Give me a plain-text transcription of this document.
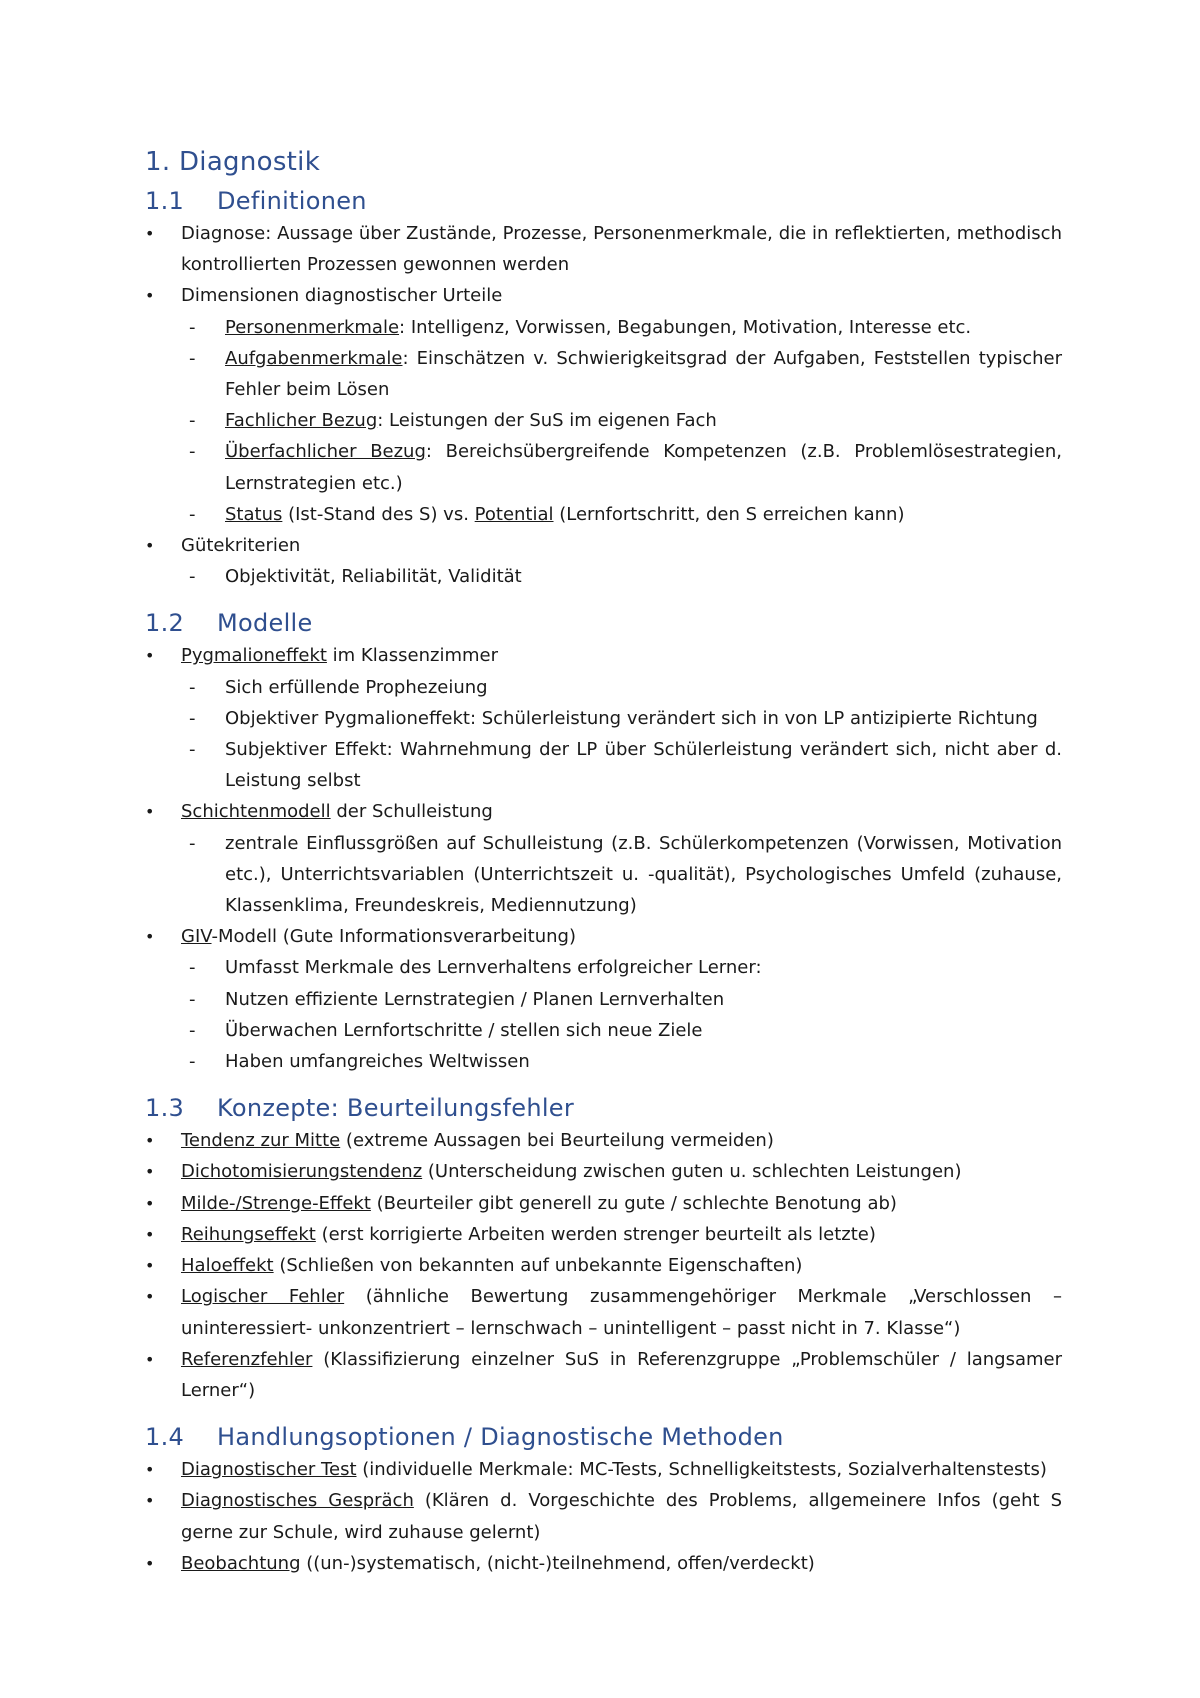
1. Diagnostik
1.1	Definitionen
•	Diagnose: Aussage über Zustände, Prozesse, Personenmerkmale, die in reflektierten, methodisch kontrollierten Prozessen gewonnen werden
•	Dimensionen diagnostischer Urteile
- Personenmerkmale: Intelligenz, Vorwissen, Begabungen, Motivation, Interesse etc.
- Aufgabenmerkmale: Einschätzen v. Schwierigkeitsgrad der Aufgaben, Feststellen typischer Fehler beim Lösen
- Fachlicher Bezug: Leistungen der SuS im eigenen Fach
- Überfachlicher Bezug: Bereichsübergreifende Kompetenzen (z.B. Problemlösestrategien, Lernstrategien etc.)
- Status (Ist-Stand des S) vs. Potential (Lernfortschritt, den S erreichen kann)
•	Gütekriterien
- Objektivität, Reliabilität, Validität
1.2	Modelle
•	Pygmalioneffekt im Klassenzimmer
- Sich erfüllende Prophezeiung
- Objektiver Pygmalioneffekt: Schülerleistung verändert sich in von LP antizipierte Richtung
- Subjektiver Effekt: Wahrnehmung der LP über Schülerleistung verändert sich, nicht aber d. Leistung selbst
•	Schichtenmodell der Schulleistung
- zentrale Einflussgrößen auf Schulleistung (z.B. Schülerkompetenzen (Vorwissen, Motivation etc.), Unterrichtsvariablen (Unterrichtszeit u. -qualität), Psychologisches Umfeld (zuhause, Klassenklima, Freundeskreis, Mediennutzung)
•	GIV-Modell (Gute Informationsverarbeitung)
- Umfasst Merkmale des Lernverhaltens erfolgreicher Lerner:
- Nutzen effiziente Lernstrategien / Planen Lernverhalten
- Überwachen Lernfortschritte / stellen sich neue Ziele
- Haben umfangreiches Weltwissen
1.3	Konzepte: Beurteilungsfehler
•	Tendenz zur Mitte (extreme Aussagen bei Beurteilung vermeiden)
•	Dichotomisierungstendenz (Unterscheidung zwischen guten u. schlechten Leistungen)
•	Milde-/Strenge-Effekt (Beurteiler gibt generell zu gute / schlechte Benotung ab)
•	Reihungseffekt (erst korrigierte Arbeiten werden strenger beurteilt als letzte)
•	Haloeffekt (Schließen von bekannten auf unbekannte Eigenschaften)
•	Logischer Fehler (ähnliche Bewertung zusammengehöriger Merkmale „Verschlossen – uninteressiert- unkonzentriert – lernschwach – unintelligent – passt nicht in 7. Klasse“)
•	Referenzfehler (Klassifizierung einzelner SuS in Referenzgruppe „Problemschüler / langsamer Lerner“)
1.4	Handlungsoptionen / Diagnostische Methoden
•	Diagnostischer Test (individuelle Merkmale: MC-Tests, Schnelligkeitstests, Sozialverhaltenstests)
•	Diagnostisches Gespräch (Klären d. Vorgeschichte des Problems, allgemeinere Infos (geht S gerne zur Schule, wird zuhause gelernt)
•	Beobachtung ((un-)systematisch, (nicht-)teilnehmend, offen/verdeckt)
